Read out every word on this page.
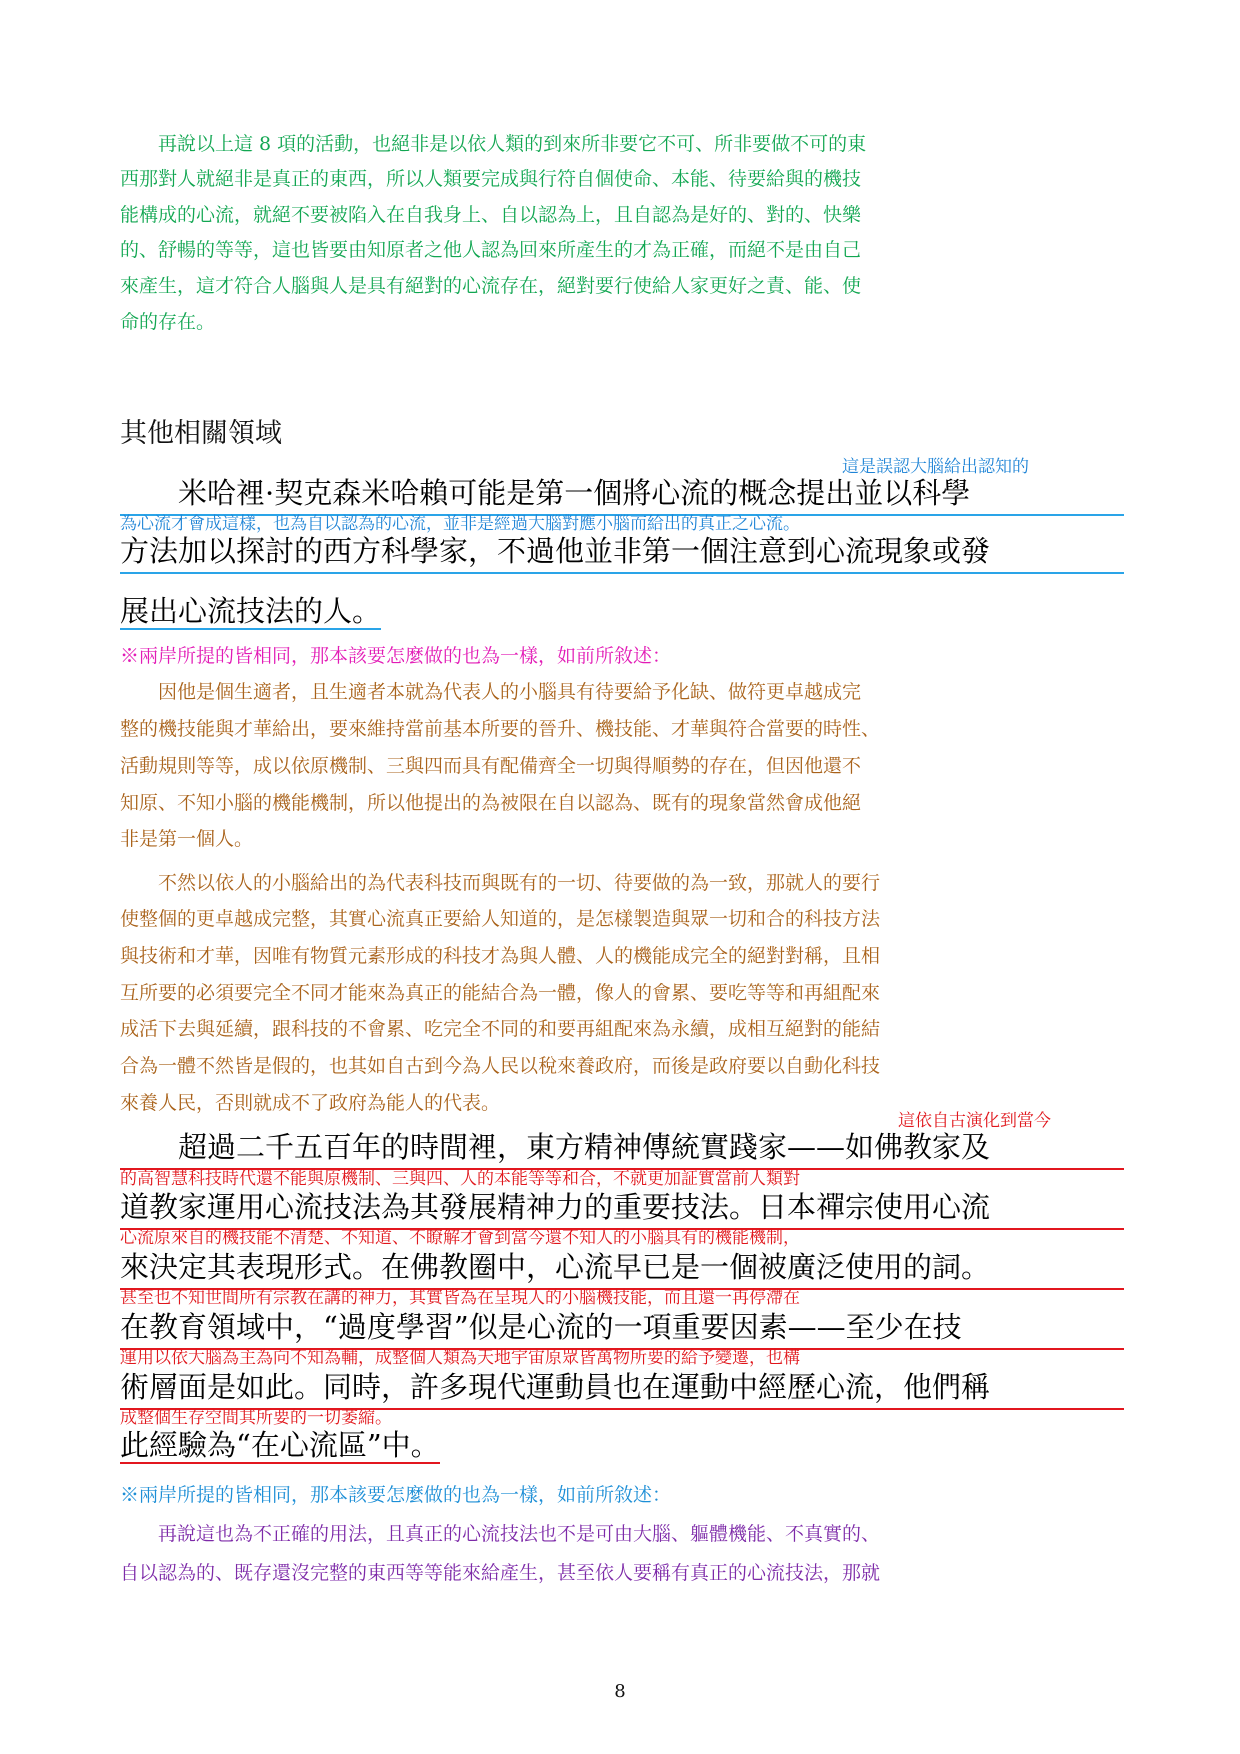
　　再說以上這 8 項的活動，也絕非是以依人類的到來所非要它不可、所非要做不可的東
西那對人就絕非是真正的東西，所以人類要完成與行符自個使命、本能、待要給與的機技
能構成的心流，就絕不要被陷入在自我身上、自以認為上，且自認為是好的、對的、快樂
的、舒暢的等等，這也皆要由知原者之他人認為回來所產生的才為正確，而絕不是由自己
來產生，這才符合人腦與人是具有絕對的心流存在，絕對要行使給人家更好之責、能、使
命的存在。
其他相關領域
這是誤認大腦給出認知的
　　米哈裡·契克森米哈賴可能是第一個將心流的概念提出並以科學
為心流才會成這樣，也為自以認為的心流，並非是經過大腦對應小腦而給出的真正之心流。
方法加以探討的西方科學家，不過他並非第一個注意到心流現象或發
展出心流技法的人。
※兩岸所提的皆相同，那本該要怎麼做的也為一樣，如前所敘述：
　　因他是個生適者，且生適者本就為代表人的小腦具有待要給予化缺、做符更卓越成完
整的機技能與才華給出，要來維持當前基本所要的晉升、機技能、才華與符合當要的時性、
活動規則等等，成以依原機制、三與四而具有配備齊全一切與得順勢的存在，但因他還不
知原、不知小腦的機能機制，所以他提出的為被限在自以認為、既有的現象當然會成他絕
非是第一個人。
　　不然以依人的小腦給出的為代表科技而與既有的一切、待要做的為一致，那就人的要行
使整個的更卓越成完整，其實心流真正要給人知道的，是怎樣製造與眾一切和合的科技方法
與技術和才華，因唯有物質元素形成的科技才為與人體、人的機能成完全的絕對對稱，且相
互所要的必須要完全不同才能來為真正的能結合為一體，像人的會累、要吃等等和再組配來
成活下去與延續，跟科技的不會累、吃完全不同的和要再組配來為永續，成相互絕對的能結
合為一體不然皆是假的，也其如自古到今為人民以稅來養政府，而後是政府要以自動化科技
來養人民，否則就成不了政府為能人的代表。
這依自古演化到當今
　　超過二千五百年的時間裡，東方精神傳統實踐家——如佛教家及
的高智慧科技時代還不能與原機制、三與四、人的本能等等和合，不就更加証實當前人類對
道教家運用心流技法為其發展精神力的重要技法。日本禪宗使用心流
心流原來自的機技能不清楚、不知道、不瞭解才會到當今還不知人的小腦具有的機能機制，
來決定其表現形式。在佛教圈中，心流早已是一個被廣泛使用的詞。
甚至也不知世間所有宗教在講的神力，其實皆為在呈現人的小腦機技能，而且還一再停滯在
在教育領域中，“過度學習”似是心流的一項重要因素——至少在技
運用以依大腦為主為向不知為輔，成整個人類為天地宇宙原眾皆萬物所要的給予變遷，也構
術層面是如此。同時，許多現代運動員也在運動中經歷心流，他們稱
成整個生存空間其所要的一切萎縮。
此經驗為“在心流區”中。
※兩岸所提的皆相同，那本該要怎麼做的也為一樣，如前所敘述：
　　再說這也為不正確的用法，且真正的心流技法也不是可由大腦、軀體機能、不真實的、
自以認為的、既存還沒完整的東西等等能來給產生，甚至依人要稱有真正的心流技法，那就
8
